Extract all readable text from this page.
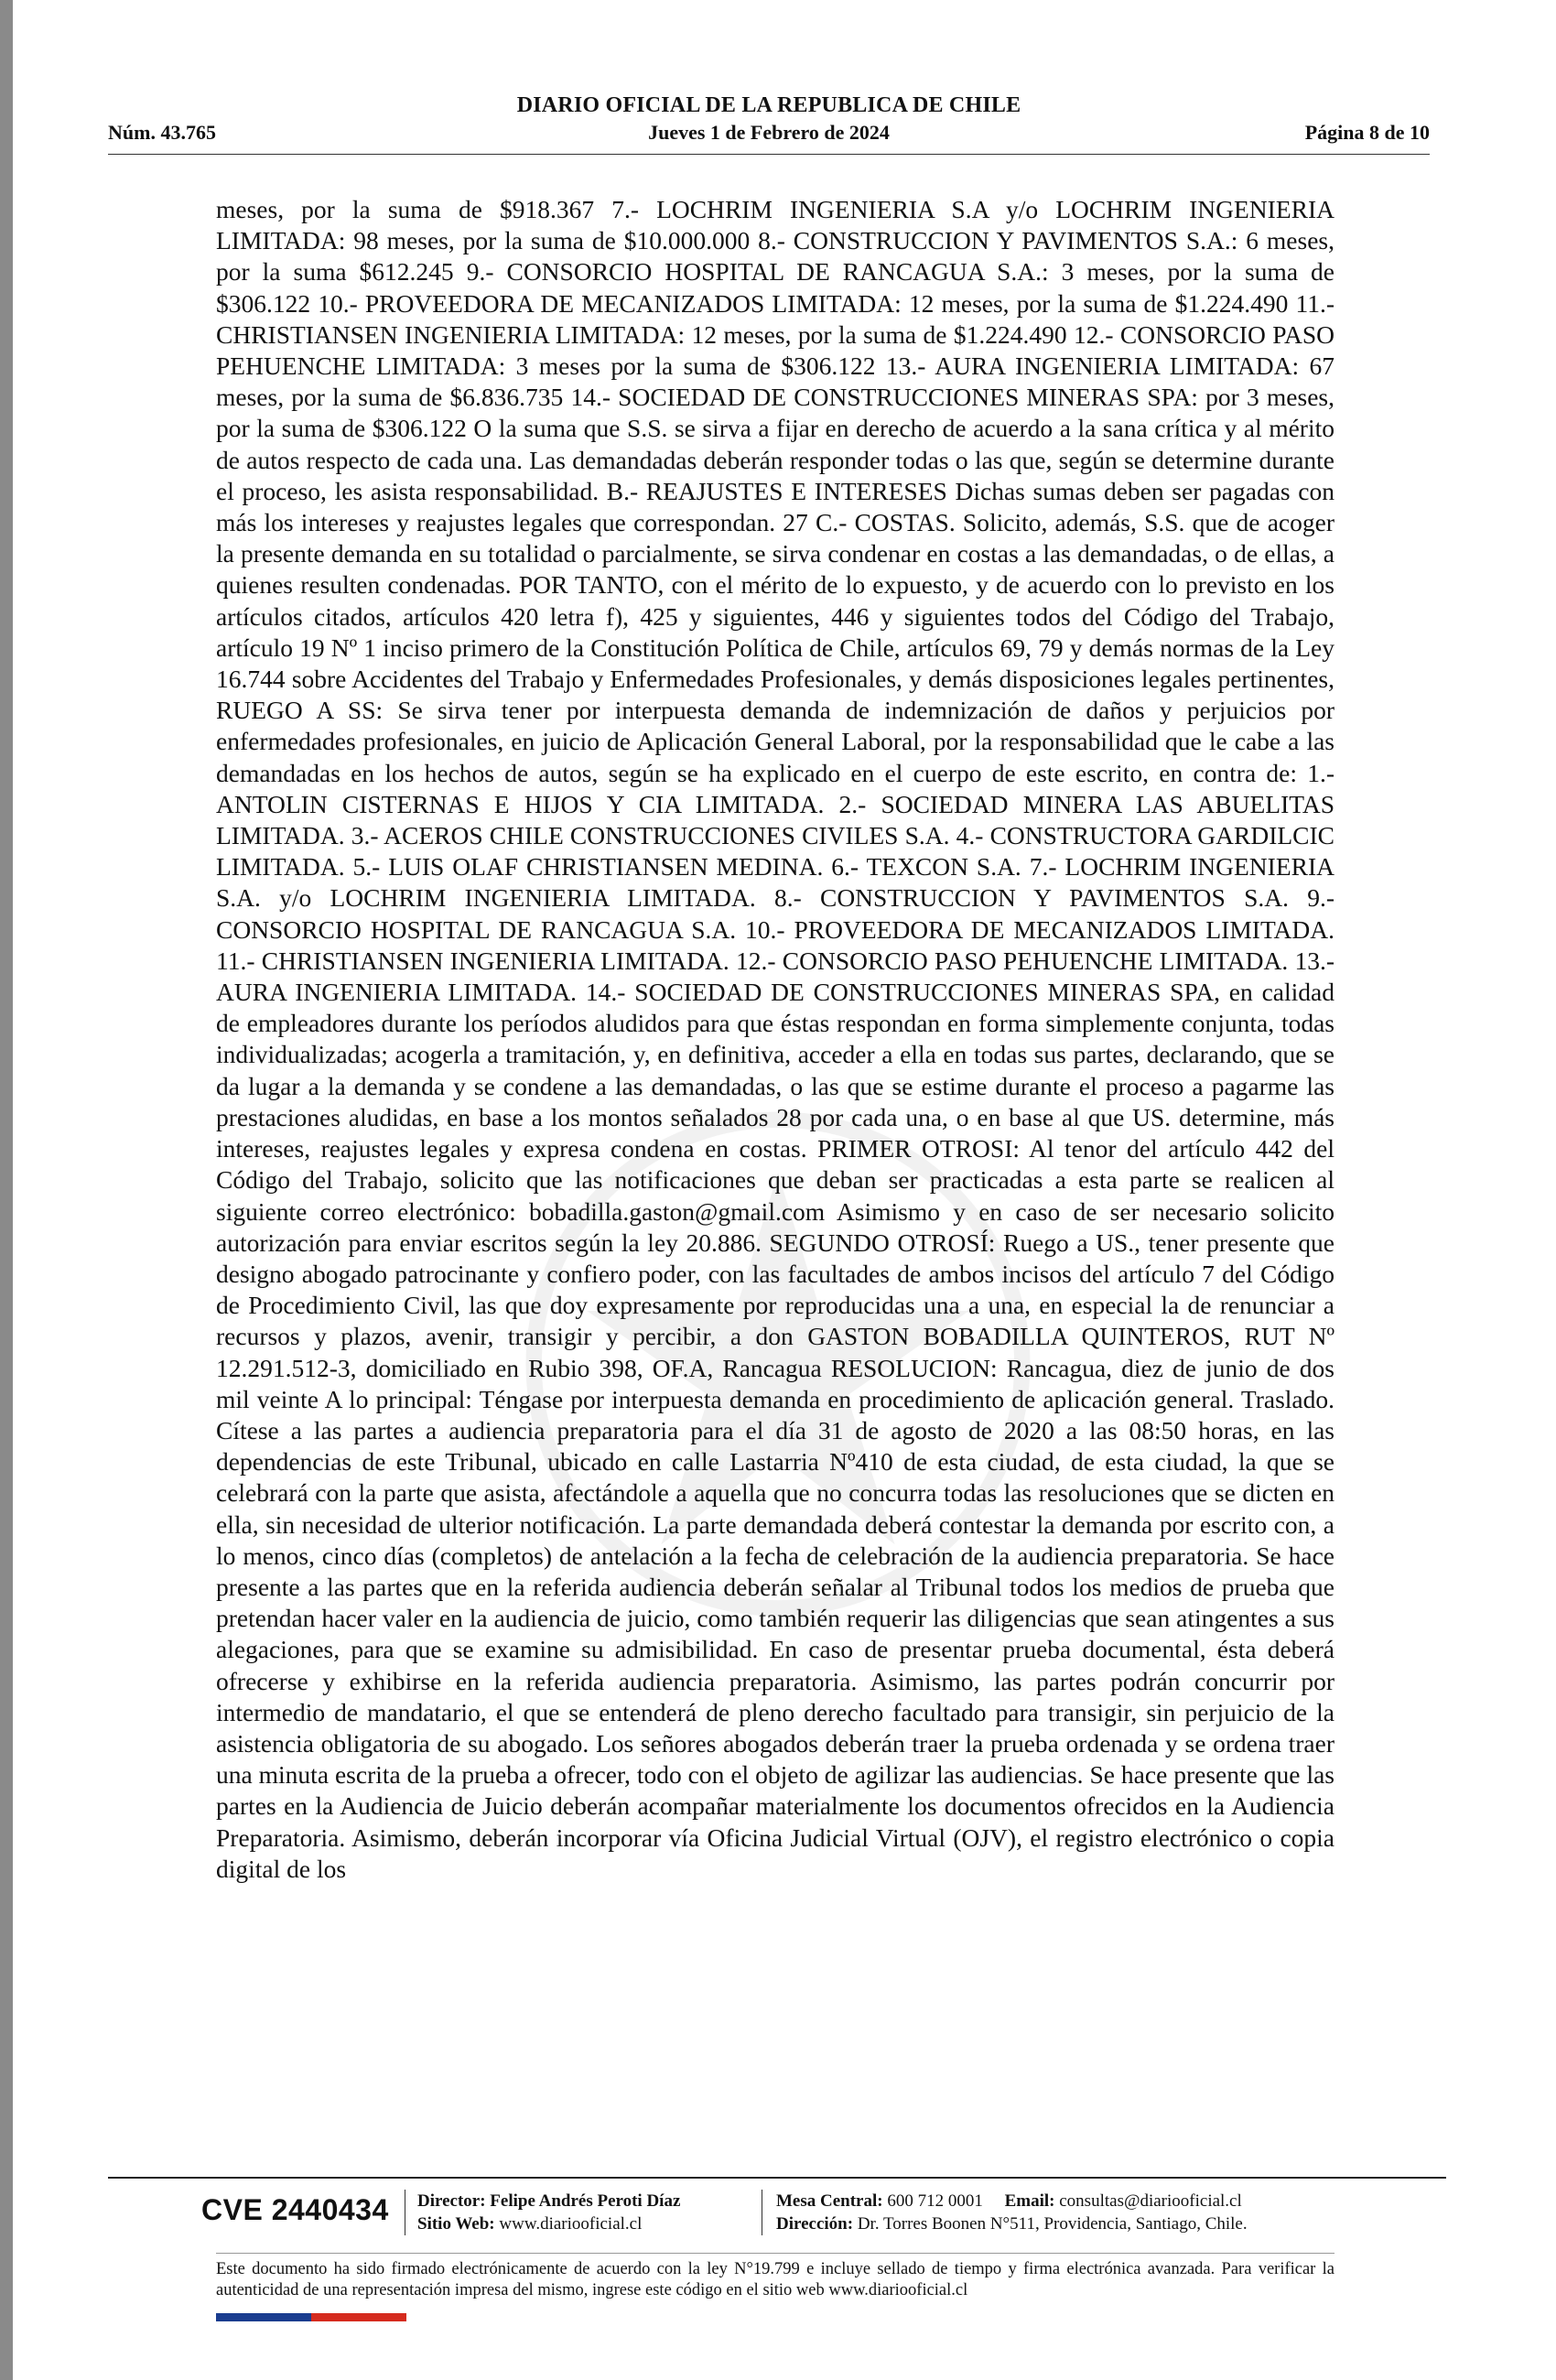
DIARIO OFICIAL DE LA REPUBLICA DE CHILE
Núm. 43.765	Jueves 1 de Febrero de 2024	Página 8 de 10

meses, por la suma de $918.367 7.- LOCHRIM INGENIERIA S.A y/o LOCHRIM INGENIERIA LIMITADA: 98 meses, por la suma de $10.000.000 8.- CONSTRUCCION Y PAVIMENTOS S.A.: 6 meses, por la suma $612.245 9.- CONSORCIO HOSPITAL DE RANCAGUA S.A.: 3 meses, por la suma de $306.122 10.- PROVEEDORA DE MECANIZADOS LIMITADA: 12 meses, por la suma de $1.224.490 11.- CHRISTIANSEN INGENIERIA LIMITADA: 12 meses, por la suma de $1.224.490 12.- CONSORCIO PASO PEHUENCHE LIMITADA: 3 meses por la suma de $306.122 13.- AURA INGENIERIA LIMITADA: 67 meses, por la suma de $6.836.735 14.- SOCIEDAD DE CONSTRUCCIONES MINERAS SPA: por 3 meses, por la suma de $306.122 O la suma que S.S. se sirva a fijar en derecho de acuerdo a la sana crítica y al mérito de autos respecto de cada una. Las demandadas deberán responder todas o las que, según se determine durante el proceso, les asista responsabilidad. B.- REAJUSTES E INTERESES Dichas sumas deben ser pagadas con más los intereses y reajustes legales que correspondan. 27 C.- COSTAS. Solicito, además, S.S. que de acoger la presente demanda en su totalidad o parcialmente, se sirva condenar en costas a las demandadas, o de ellas, a quienes resulten condenadas. POR TANTO, con el mérito de lo expuesto, y de acuerdo con lo previsto en los artículos citados, artículos 420 letra f), 425 y siguientes, 446 y siguientes todos del Código del Trabajo, artículo 19 Nº 1 inciso primero de la Constitución Política de Chile, artículos 69, 79 y demás normas de la Ley 16.744 sobre Accidentes del Trabajo y Enfermedades Profesionales, y demás disposiciones legales pertinentes, RUEGO A SS: Se sirva tener por interpuesta demanda de indemnización de daños y perjuicios por enfermedades profesionales, en juicio de Aplicación General Laboral, por la responsabilidad que le cabe a las demandadas en los hechos de autos, según se ha explicado en el cuerpo de este escrito, en contra de: 1.- ANTOLIN CISTERNAS E HIJOS Y CIA LIMITADA. 2.- SOCIEDAD MINERA LAS ABUELITAS LIMITADA. 3.- ACEROS CHILE CONSTRUCCIONES CIVILES S.A. 4.- CONSTRUCTORA GARDILCIC LIMITADA. 5.- LUIS OLAF CHRISTIANSEN MEDINA. 6.- TEXCON S.A. 7.- LOCHRIM INGENIERIA S.A. y/o LOCHRIM INGENIERIA LIMITADA. 8.- CONSTRUCCION Y PAVIMENTOS S.A. 9.- CONSORCIO HOSPITAL DE RANCAGUA S.A. 10.- PROVEEDORA DE MECANIZADOS LIMITADA. 11.- CHRISTIANSEN INGENIERIA LIMITADA. 12.- CONSORCIO PASO PEHUENCHE LIMITADA. 13.- AURA INGENIERIA LIMITADA. 14.- SOCIEDAD DE CONSTRUCCIONES MINERAS SPA, en calidad de empleadores durante los períodos aludidos para que éstas respondan en forma simplemente conjunta, todas individualizadas; acogerla a tramitación, y, en definitiva, acceder a ella en todas sus partes, declarando, que se da lugar a la demanda y se condene a las demandadas, o las que se estime durante el proceso a pagarme las prestaciones aludidas, en base a los montos señalados 28 por cada una, o en base al que US. determine, más intereses, reajustes legales y expresa condena en costas. PRIMER OTROSI: Al tenor del artículo 442 del Código del Trabajo, solicito que las notificaciones que deban ser practicadas a esta parte se realicen al siguiente correo electrónico: bobadilla.gaston@gmail.com Asimismo y en caso de ser necesario solicito autorización para enviar escritos según la ley 20.886. SEGUNDO OTROSÍ: Ruego a US., tener presente que designo abogado patrocinante y confiero poder, con las facultades de ambos incisos del artículo 7 del Código de Procedimiento Civil, las que doy expresamente por reproducidas una a una, en especial la de renunciar a recursos y plazos, avenir, transigir y percibir, a don GASTON BOBADILLA QUINTEROS, RUT Nº 12.291.512-3, domiciliado en Rubio 398, OF.A, Rancagua RESOLUCION: Rancagua, diez de junio de dos mil veinte A lo principal: Téngase por interpuesta demanda en procedimiento de aplicación general. Traslado. Cítese a las partes a audiencia preparatoria para el día 31 de agosto de 2020 a las 08:50 horas, en las dependencias de este Tribunal, ubicado en calle Lastarria Nº410 de esta ciudad, de esta ciudad, la que se celebrará con la parte que asista, afectándole a aquella que no concurra todas las resoluciones que se dicten en ella, sin necesidad de ulterior notificación. La parte demandada deberá contestar la demanda por escrito con, a lo menos, cinco días (completos) de antelación a la fecha de celebración de la audiencia preparatoria. Se hace presente a las partes que en la referida audiencia deberán señalar al Tribunal todos los medios de prueba que pretendan hacer valer en la audiencia de juicio, como también requerir las diligencias que sean atingentes a sus alegaciones, para que se examine su admisibilidad. En caso de presentar prueba documental, ésta deberá ofrecerse y exhibirse en la referida audiencia preparatoria. Asimismo, las partes podrán concurrir por intermedio de mandatario, el que se entenderá de pleno derecho facultado para transigir, sin perjuicio de la asistencia obligatoria de su abogado. Los señores abogados deberán traer la prueba ordenada y se ordena traer una minuta escrita de la prueba a ofrecer, todo con el objeto de agilizar las audiencias. Se hace presente que las partes en la Audiencia de Juicio deberán acompañar materialmente los documentos ofrecidos en la Audiencia Preparatoria. Asimismo, deberán incorporar vía Oficina Judicial Virtual (OJV), el registro electrónico o copia digital de los

CVE 2440434 Director: Felipe Andrés Peroti Díaz
Sitio Web: www.diariooficial.cl
Mesa Central: 600 712 0001 Email: consultas@diariooficial.cl
Dirección: Dr. Torres Boonen N°511, Providencia, Santiago, Chile.

Este documento ha sido firmado electrónicamente de acuerdo con la ley N°19.799 e incluye sellado de tiempo y firma electrónica avanzada. Para verificar la autenticidad de una representación impresa del mismo, ingrese este código en el sitio web www.diariooficial.cl
